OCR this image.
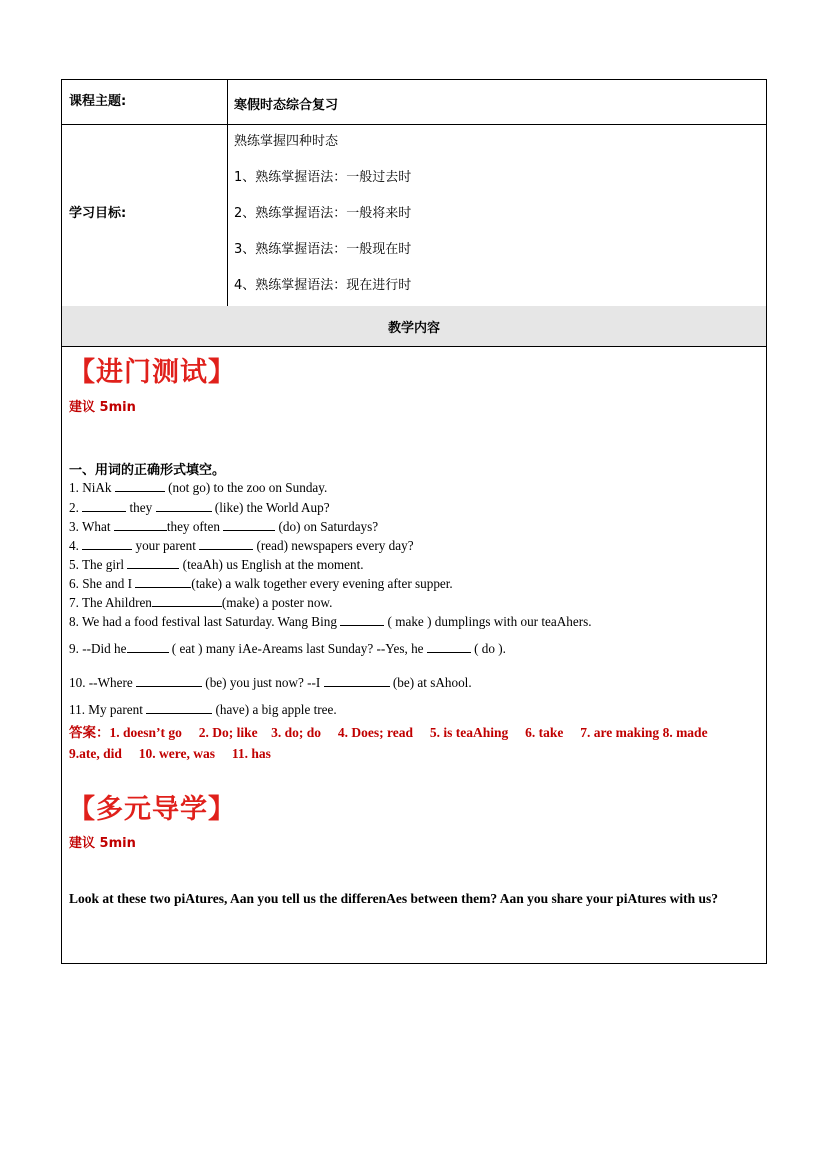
课程主题:	寒假时态综合复习
学习目标:
熟练掌握四种时态
1、熟练掌握语法：一般过去时
2、熟练掌握语法：一般将来时
3、熟练掌握语法：一般现在时
4、熟练掌握语法：现在进行时
教学内容
【进门测试】
建议 5min
一、用词的正确形式填空。
1. NiAk	(not go) to the zoo on Sunday.
2.	they	(like) the World Aup?
3. What	they often	(do) on Saturdays?
4.	your parent	(read) newspapers every day?
5. The girl	(teaAh) us English at the moment.
6. She and I	(take) a walk together every evening after supper.
7. The Ahildren	(make) a poster now.
8. We had a food festival last Saturday. Wang Bing	( make ) dumplings with our teaAhers.
9. --Did he	( eat ) many iAe-Areams last Sunday? --Yes, he	( do ).
10. --Where	(be) you just now? --I	(be) at sAhool.
11. My parent	(have) a big apple tree.
答案：1. doesn’t go 2. Do; like 3. do; do 4. Does; read 5. is teaAhing 6. take 7. are making 8. made
9.ate, did 10. were, was 11. has
【多元导学】
建议 5min
Look at these two piAtures, Aan you tell us the differenAes between them? Aan you share your piAtures with us?
